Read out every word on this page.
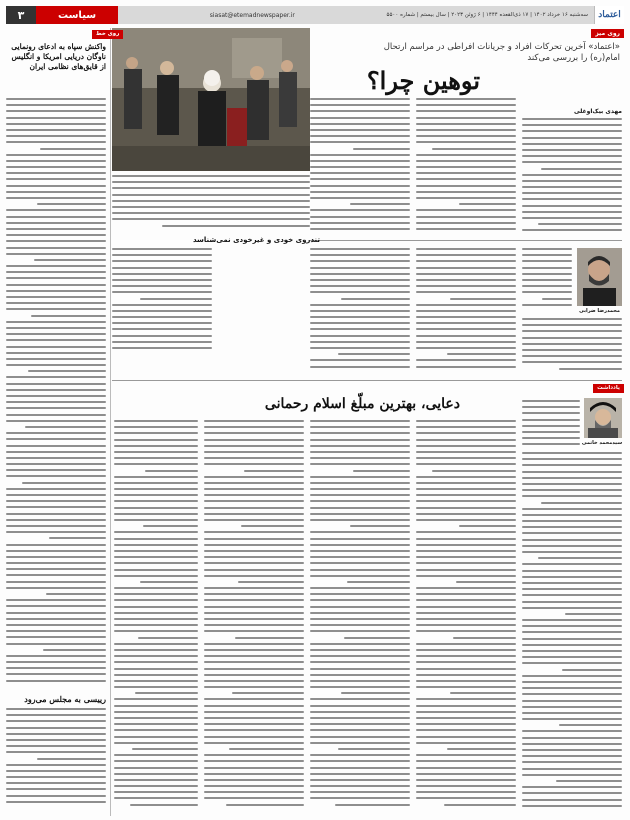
اعتماد
سه‌شنبه ۱۶ خرداد ۱۴۰۲ | ۱۷ ذی‌القعده ۱۴۴۴ | ۶ ژوئن ۲۰۲۳ | سال بیستم | شماره ۵۵۰۰
siasat@etemadnewspaper.ir
سیاست
۳
روی میز
«اعتماد» آخرین تحرکات افراد و جریانات افراطی در مراسم ارتحال امام(ره) را بررسی می‌کند
توهین چرا؟
مهدی بیک‌اوغلی
محمدرضا ضرابی
تندروی خودی و غیرخودی نمی‌شناسد
یادداشت
دعایی، بهترین مبلّغ اسلام رحمانی
سیدمحمد خاتمی
روی خط
واکنش سپاه به ادعای رونمایی ناوگان دریایی امریکا و انگلیس از قایق‌های نظامی ایران
رییسی به مجلس می‌رود
